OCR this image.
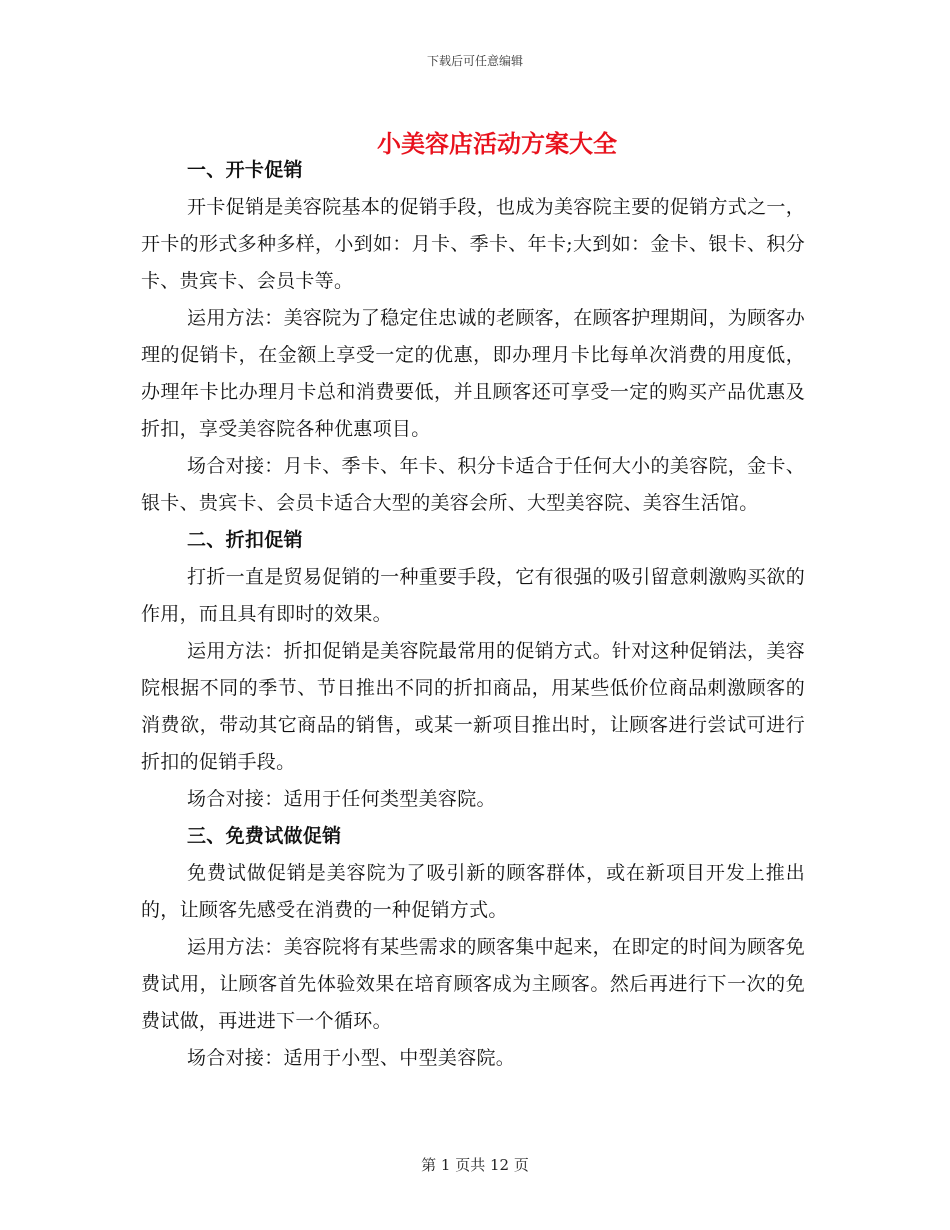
下载后可任意编辑
小美容店活动方案大全
一、开卡促销

开卡促销是美容院基本的促销手段，也成为美容院主要的促销方式之一，开卡的形式多种多样，小到如：月卡、季卡、年卡;大到如：金卡、银卡、积分卡、贵宾卡、会员卡等。

运用方法：美容院为了稳定住忠诚的老顾客，在顾客护理期间，为顾客办理的促销卡，在金额上享受一定的优惠，即办理月卡比每单次消费的用度低，办理年卡比办理月卡总和消费要低，并且顾客还可享受一定的购买产品优惠及折扣，享受美容院各种优惠项目。

场合对接：月卡、季卡、年卡、积分卡适合于任何大小的美容院，金卡、银卡、贵宾卡、会员卡适合大型的美容会所、大型美容院、美容生活馆。

二、折扣促销

打折一直是贸易促销的一种重要手段，它有很强的吸引留意刺激购买欲的作用，而且具有即时的效果。

运用方法：折扣促销是美容院最常用的促销方式。针对这种促销法，美容院根据不同的季节、节日推出不同的折扣商品，用某些低价位商品刺激顾客的消费欲，带动其它商品的销售，或某一新项目推出时，让顾客进行尝试可进行折扣的促销手段。

场合对接：适用于任何类型美容院。

三、免费试做促销

免费试做促销是美容院为了吸引新的顾客群体，或在新项目开发上推出的，让顾客先感受在消费的一种促销方式。

运用方法：美容院将有某些需求的顾客集中起来，在即定的时间为顾客免费试用，让顾客首先体验效果在培育顾客成为主顾客。然后再进行下一次的免费试做，再进进下一个循环。

场合对接：适用于小型、中型美容院。

第 1 页共 12 页
